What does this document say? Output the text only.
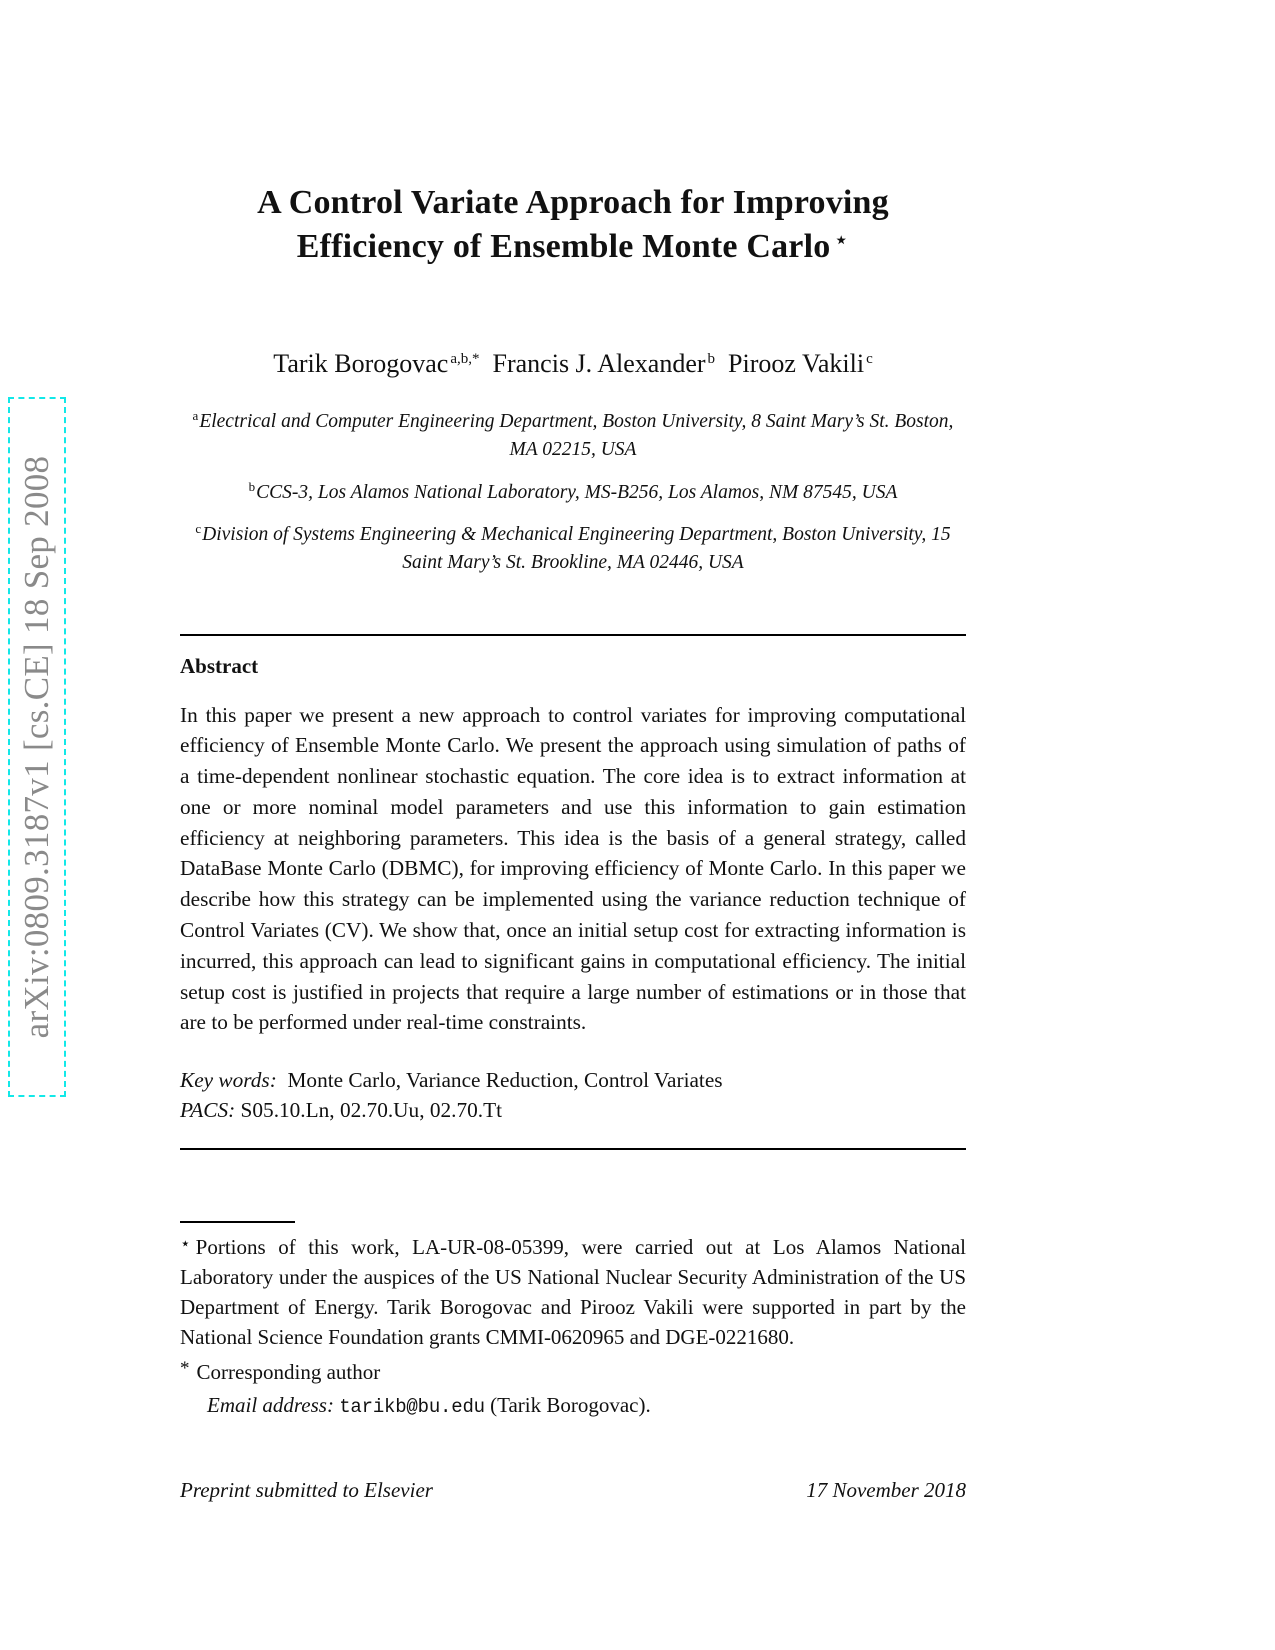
arXiv:0809.3187v1 [cs.CE] 18 Sep 2008
A Control Variate Approach for Improving
Efficiency of Ensemble Monte Carlo ⋆

Tarik Borogovac $^{a,b,*}$ Francis J. Alexander $^b$ Pirooz Vakili $^c$

$^a$Electrical and Computer Engineering Department, Boston University, 8 Saint Mary’s St. Boston, MA 02215, USA

$^b$CCS-3, Los Alamos National Laboratory, MS-B256, Los Alamos, NM 87545, USA

$^c$Division of Systems Engineering & Mechanical Engineering Department, Boston University, 15 Saint Mary’s St. Brookline, MA 02446, USA

Abstract

In this paper we present a new approach to control variates for improving computational efficiency of Ensemble Monte Carlo. We present the approach using simulation of paths of a time-dependent nonlinear stochastic equation. The core idea is to extract information at one or more nominal model parameters and use this information to gain estimation efficiency at neighboring parameters. This idea is the basis of a general strategy, called DataBase Monte Carlo (DBMC), for improving efficiency of Monte Carlo. In this paper we describe how this strategy can be implemented using the variance reduction technique of Control Variates (CV). We show that, once an initial setup cost for extracting information is incurred, this approach can lead to significant gains in computational efficiency. The initial setup cost is justified in projects that require a large number of estimations or in those that are to be performed under real-time constraints.

Key words: Monte Carlo, Variance Reduction, Control Variates

PACS: S05.10.Ln, 02.70.Uu, 02.70.Tt

⋆ Portions of this work, LA-UR-08-05399, were carried out at Los Alamos National Laboratory under the auspices of the US National Nuclear Security Administration of the US Department of Energy. Tarik Borogovac and Pirooz Vakili were supported in part by the National Science Foundation grants CMMI-0620965 and DGE-0221680.

* Corresponding author

Email address: tarikb@bu.edu (Tarik Borogovac).

Preprint submitted to Elsevier	17 November 2018
